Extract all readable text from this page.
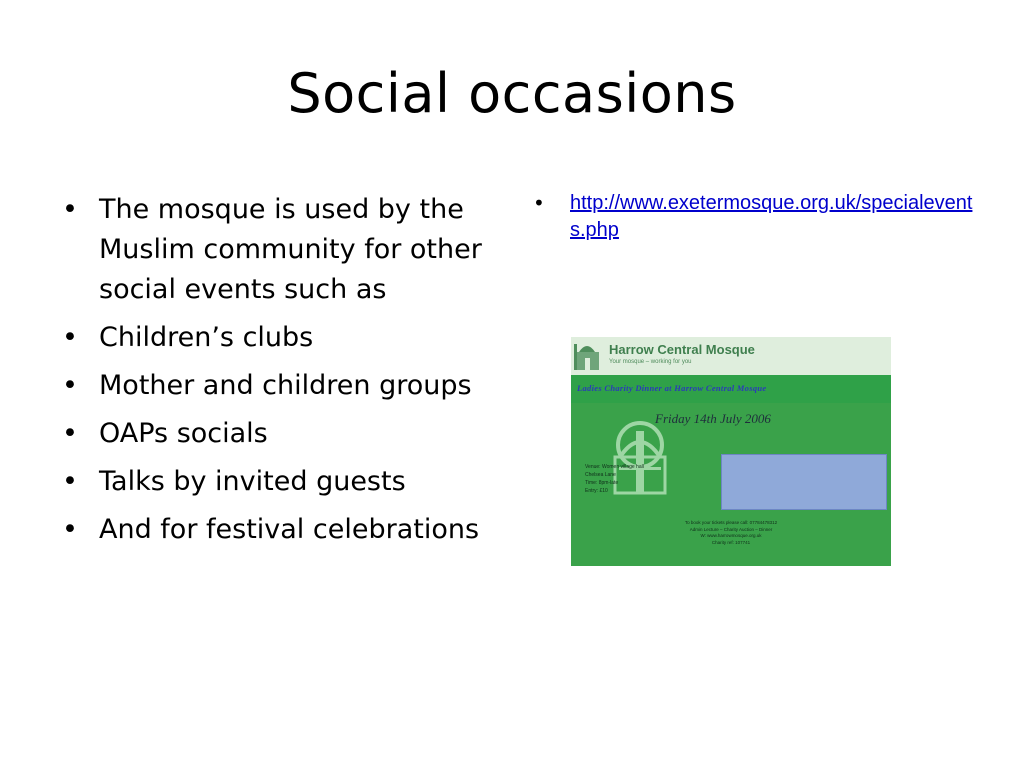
Social occasions
• The mosque is used by the Muslim community for other social events such as
• Children’s clubs
• Mother and children groups
• OAPs socials
• Talks by invited guests
• And for festival celebrations
• http://www.exetermosque.org.uk/specialevents.php
Harrow Central Mosque
Your mosque – working for you
Ladies Charity Dinner at Harrow Central Mosque
Friday 14th July 2006
Venue: Women village hall
Chelsea Lane
Time: 8pm-late
Entry: £10
To book your tickets please call: 07784478312
Admin Lecture – Charity Auction – Dinner
W: www.harrowmosque.org.uk
Charity ref: 107741
